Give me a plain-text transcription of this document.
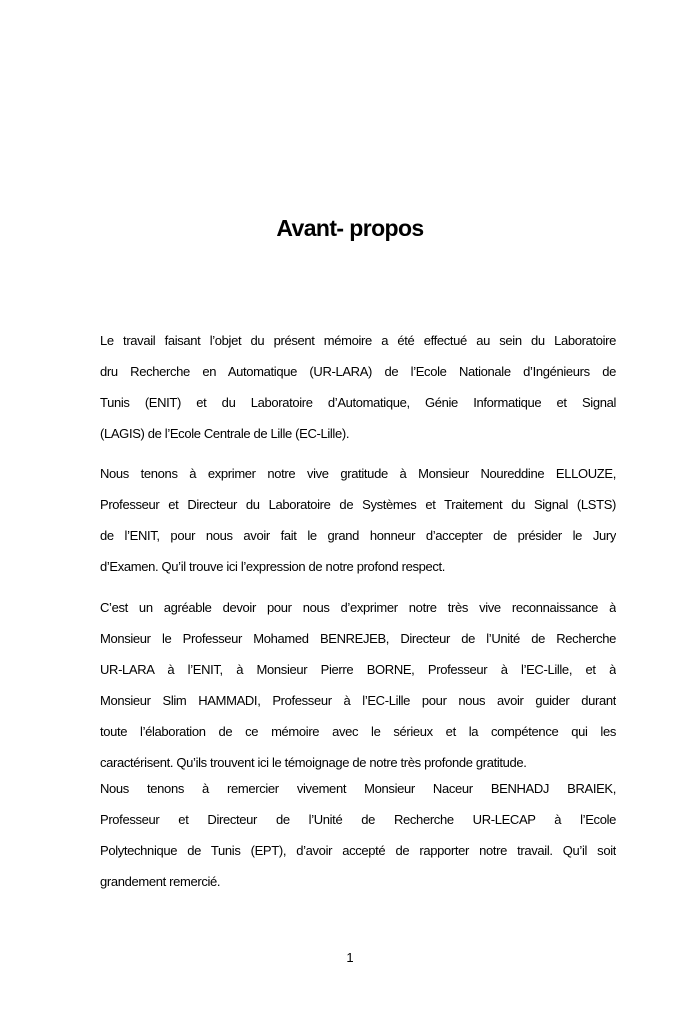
Avant- propos

Le travail faisant l’objet du présent mémoire a été effectué au sein du Laboratoire
dru Recherche en Automatique (UR-LARA) de l’Ecole Nationale d’Ingénieurs de
Tunis (ENIT) et du Laboratoire d’Automatique, Génie Informatique et Signal
(LAGIS) de l’Ecole Centrale de Lille (EC-Lille).

Nous tenons à exprimer notre vive gratitude à Monsieur Noureddine ELLOUZE,
Professeur et Directeur du Laboratoire de Systèmes et Traitement du Signal (LSTS)
de l’ENIT, pour nous avoir fait le grand honneur d’accepter de présider le Jury
d’Examen. Qu’il trouve ici l’expression de notre profond respect.

C’est un agréable devoir pour nous d’exprimer notre très vive reconnaissance à
Monsieur le Professeur Mohamed BENREJEB, Directeur de l’Unité de Recherche
UR-LARA à l’ENIT, à Monsieur Pierre BORNE, Professeur à l’EC-Lille, et à
Monsieur Slim HAMMADI, Professeur à l’EC-Lille pour nous avoir guider durant
toute l’élaboration de ce mémoire avec le sérieux et la compétence qui les
caractérisent. Qu’ils trouvent ici le témoignage de notre très profonde gratitude.

Nous tenons à remercier vivement Monsieur Naceur BENHADJ BRAIEK,
Professeur et Directeur de l’Unité de Recherche UR-LECAP à l’Ecole
Polytechnique de Tunis (EPT), d’avoir accepté de rapporter notre travail. Qu’il soit
grandement remercié.

1
